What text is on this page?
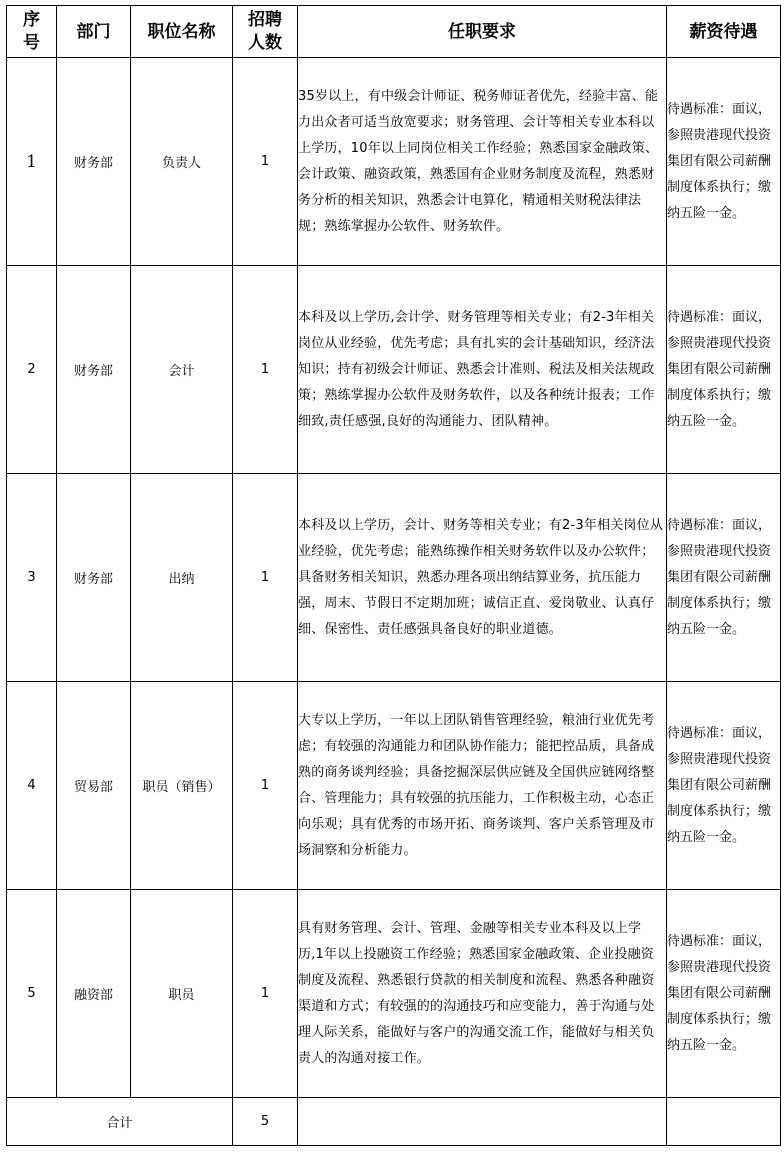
序号	部门	职位名称	招聘人数	任职要求	薪资待遇
1	财务部	负责人	1	35岁以上，有中级会计师证、税务师证者优先，经验丰富、能力出众者可适当放宽要求；财务管理、会计等相关专业本科以上学历，10年以上同岗位相关工作经验；熟悉国家金融政策、会计政策、融资政策，熟悉国有企业财务制度及流程，熟悉财务分析的相关知识，熟悉会计电算化，精通相关财税法律法规；熟练掌握办公软件、财务软件。	待遇标准：面议，参照贵港现代投资集团有限公司薪酬制度体系执行；缴纳五险一金。
2	财务部	会计	1	本科及以上学历,会计学、财务管理等相关专业；有2-3年相关岗位从业经验，优先考虑；具有扎实的会计基础知识，经济法知识；持有初级会计师证、熟悉会计准则、税法及相关法规政策；熟练掌握办公软件及财务软件，以及各种统计报表；工作细致,责任感强,良好的沟通能力、团队精神。	待遇标准：面议，参照贵港现代投资集团有限公司薪酬制度体系执行；缴纳五险一金。
3	财务部	出纳	1	本科及以上学历，会计、财务等相关专业；有2-3年相关岗位从业经验，优先考虑；能熟练操作相关财务软件以及办公软件；具备财务相关知识，熟悉办理各项出纳结算业务，抗压能力强，周末、节假日不定期加班；诚信正直、爱岗敬业、认真仔细、保密性、责任感强具备良好的职业道德。	待遇标准：面议，参照贵港现代投资集团有限公司薪酬制度体系执行；缴纳五险一金。
4	贸易部	职员（销售）	1	大专以上学历，一年以上团队销售管理经验，粮油行业优先考虑；有较强的沟通能力和团队协作能力；能把控品质，具备成熟的商务谈判经验；具备挖掘深层供应链及全国供应链网络整合、管理能力；具有较强的抗压能力，工作积极主动，心态正向乐观；具有优秀的市场开拓、商务谈判、客户关系管理及市场洞察和分析能力。	待遇标准：面议，参照贵港现代投资集团有限公司薪酬制度体系执行；缴纳五险一金。
5	融资部	职员	1	具有财务管理、会计、管理、金融等相关专业本科及以上学历,1年以上投融资工作经验；熟悉国家金融政策、企业投融资制度及流程、熟悉银行贷款的相关制度和流程、熟悉各种融资渠道和方式；有较强的的沟通技巧和应变能力，善于沟通与处理人际关系，能做好与客户的沟通交流工作，能做好与相关负责人的沟通对接工作。	待遇标准：面议，参照贵港现代投资集团有限公司薪酬制度体系执行；缴纳五险一金。
合计			5		
